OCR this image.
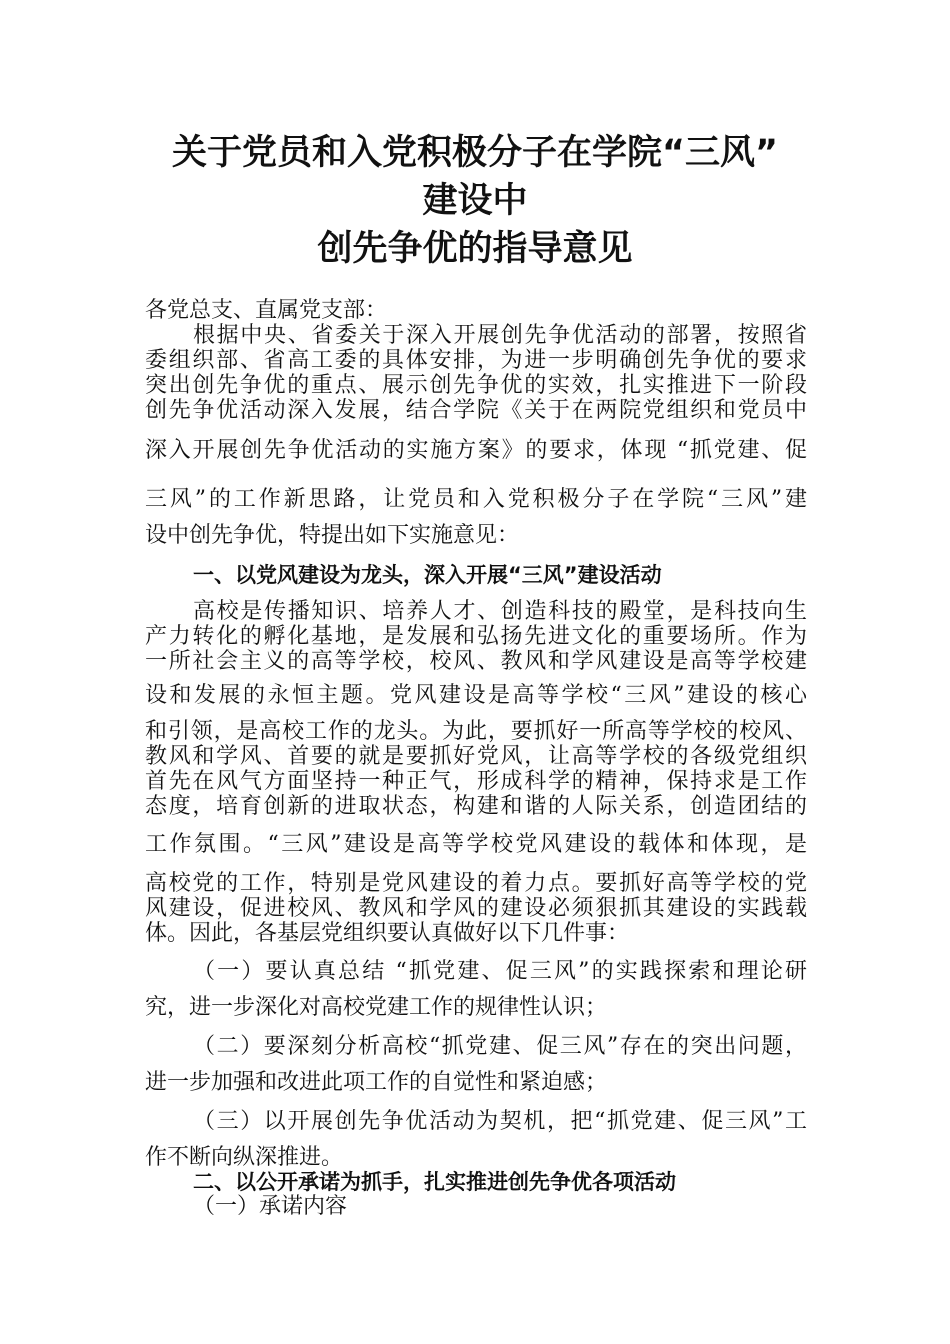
关于党员和入党积极分子在学院“三风”
建设中
创先争优的指导意见
各党总支、直属党支部：
根据中央、省委关于深入开展创先争优活动的部署，按照省
委组织部、省高工委的具体安排，为进一步明确创先争优的要求
突出创先争优的重点、展示创先争优的实效，扎实推进下一阶段
创先争优活动深入发展，结合学院《关于在两院党组织和党员中
深入开展创先争优活动的实施方案》的要求，体现 “抓党建、促
三风”的工作新思路，让党员和入党积极分子在学院“三风”建
设中创先争优，特提出如下实施意见：
一、以党风建设为龙头，深入开展“三风”建设活动
高校是传播知识、培养人才、创造科技的殿堂，是科技向生
产力转化的孵化基地，是发展和弘扬先进文化的重要场所。作为
一所社会主义的高等学校，校风、教风和学风建设是高等学校建
设和发展的永恒主题。党风建设是高等学校“三风”建设的核心
和引领，是高校工作的龙头。为此，要抓好一所高等学校的校风、
教风和学风、首要的就是要抓好党风，让高等学校的各级党组织
首先在风气方面坚持一种正气，形成科学的精神，保持求是工作
态度，培育创新的进取状态，构建和谐的人际关系，创造团结的
工作氛围。“三风”建设是高等学校党风建设的载体和体现，是
高校党的工作，特别是党风建设的着力点。要抓好高等学校的党
风建设，促进校风、教风和学风的建设必须狠抓其建设的实践载
体。因此，各基层党组织要认真做好以下几件事：
（一）要认真总结 “抓党建、促三风”的实践探索和理论研
究，进一步深化对高校党建工作的规律性认识；
（二）要深刻分析高校“抓党建、促三风”存在的突出问题，
进一步加强和改进此项工作的自觉性和紧迫感；
（三）以开展创先争优活动为契机，把“抓党建、促三风”工
作不断向纵深推进。
二、以公开承诺为抓手，扎实推进创先争优各项活动
（一）承诺内容
